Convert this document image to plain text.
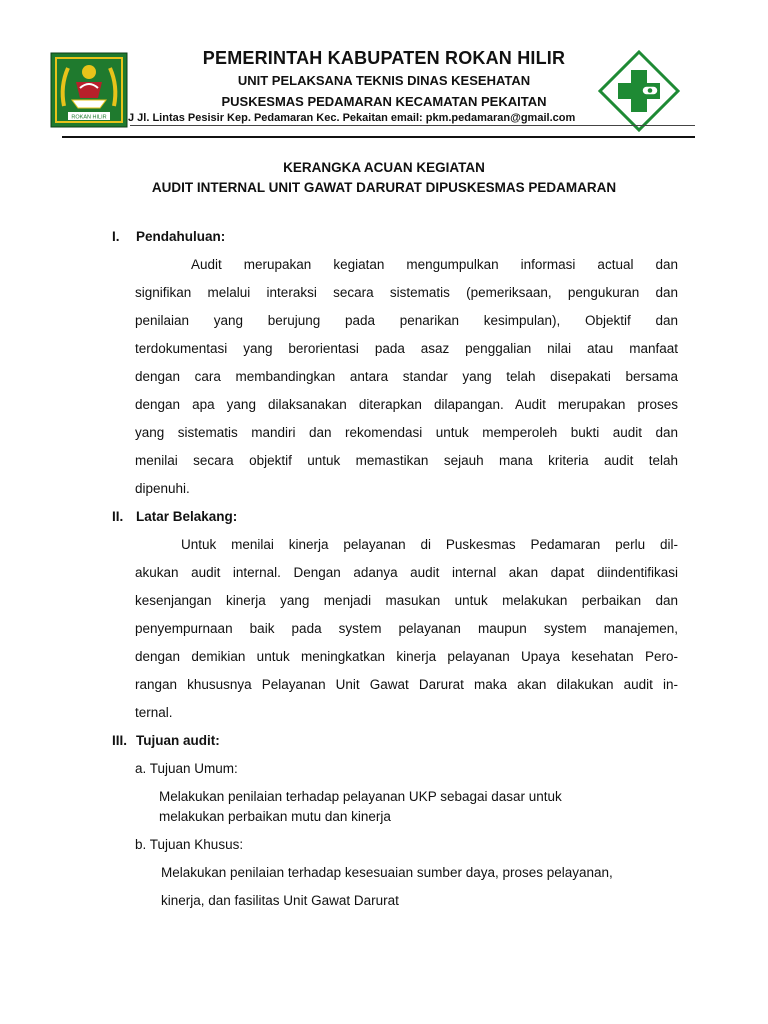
ROKAN HILIR
PEMERINTAH KABUPATEN ROKAN HILIR
UNIT PELAKSANA TEKNIS DINAS KESEHATAN
PUSKESMAS PEDAMARAN KECAMATAN PEKAITAN
J Jl. Lintas Pesisir Kep. Pedamaran Kec. Pekaitan email: pkm.pedamaran@gmail.com
KERANGKA ACUAN KEGIATAN
AUDIT INTERNAL UNIT GAWAT DARURAT DIPUSKESMAS PEDAMARAN
I. Pendahuluan:
Audit merupakan kegiatan mengumpulkan informasi actual dan
signifikan melalui interaksi secara sistematis (pemeriksaan, pengukuran dan
penilaian yang berujung pada penarikan kesimpulan), Objektif dan
terdokumentasi yang berorientasi pada asaz penggalian nilai atau manfaat
dengan cara membandingkan antara standar yang telah disepakati bersama
dengan apa yang dilaksanakan diterapkan dilapangan. Audit merupakan proses
yang sistematis mandiri dan rekomendasi untuk memperoleh bukti audit dan
menilai secara objektif untuk memastikan sejauh mana kriteria audit telah
dipenuhi.
II. Latar Belakang:
Untuk menilai kinerja pelayanan di Puskesmas Pedamaran perlu dil-
akukan audit internal. Dengan adanya audit internal akan dapat diindentifikasi
kesenjangan kinerja yang menjadi masukan untuk melakukan perbaikan dan
penyempurnaan baik pada system pelayanan maupun system manajemen,
dengan demikian untuk meningkatkan kinerja pelayanan Upaya kesehatan Pero-
rangan khususnya Pelayanan Unit Gawat Darurat maka akan dilakukan audit in-
ternal.
III. Tujuan audit:
a. Tujuan Umum:
Melakukan penilaian terhadap pelayanan UKP sebagai dasar untuk
melakukan perbaikan mutu dan kinerja
b. Tujuan Khusus:
Melakukan penilaian terhadap kesesuaian sumber daya, proses pelayanan,
kinerja, dan fasilitas Unit Gawat Darurat
